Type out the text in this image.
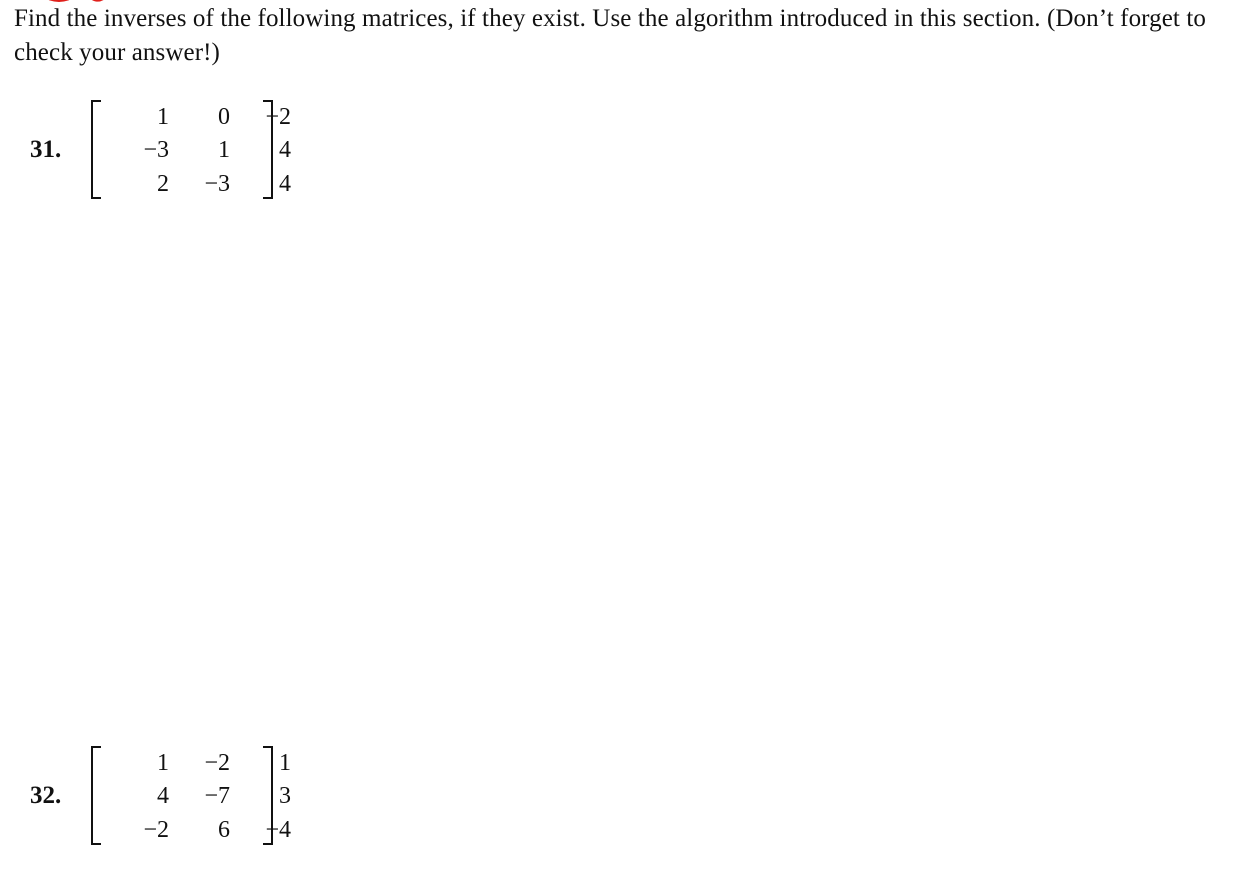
Find the inverses of the following matrices, if they exist. Use the algorithm introduced in this section. (Don’t forget to check your answer!)

31.
1	0	−2
−3	1	4
2	−3	4
32.
1	−2	1
4	−7	3
−2	6	−4
